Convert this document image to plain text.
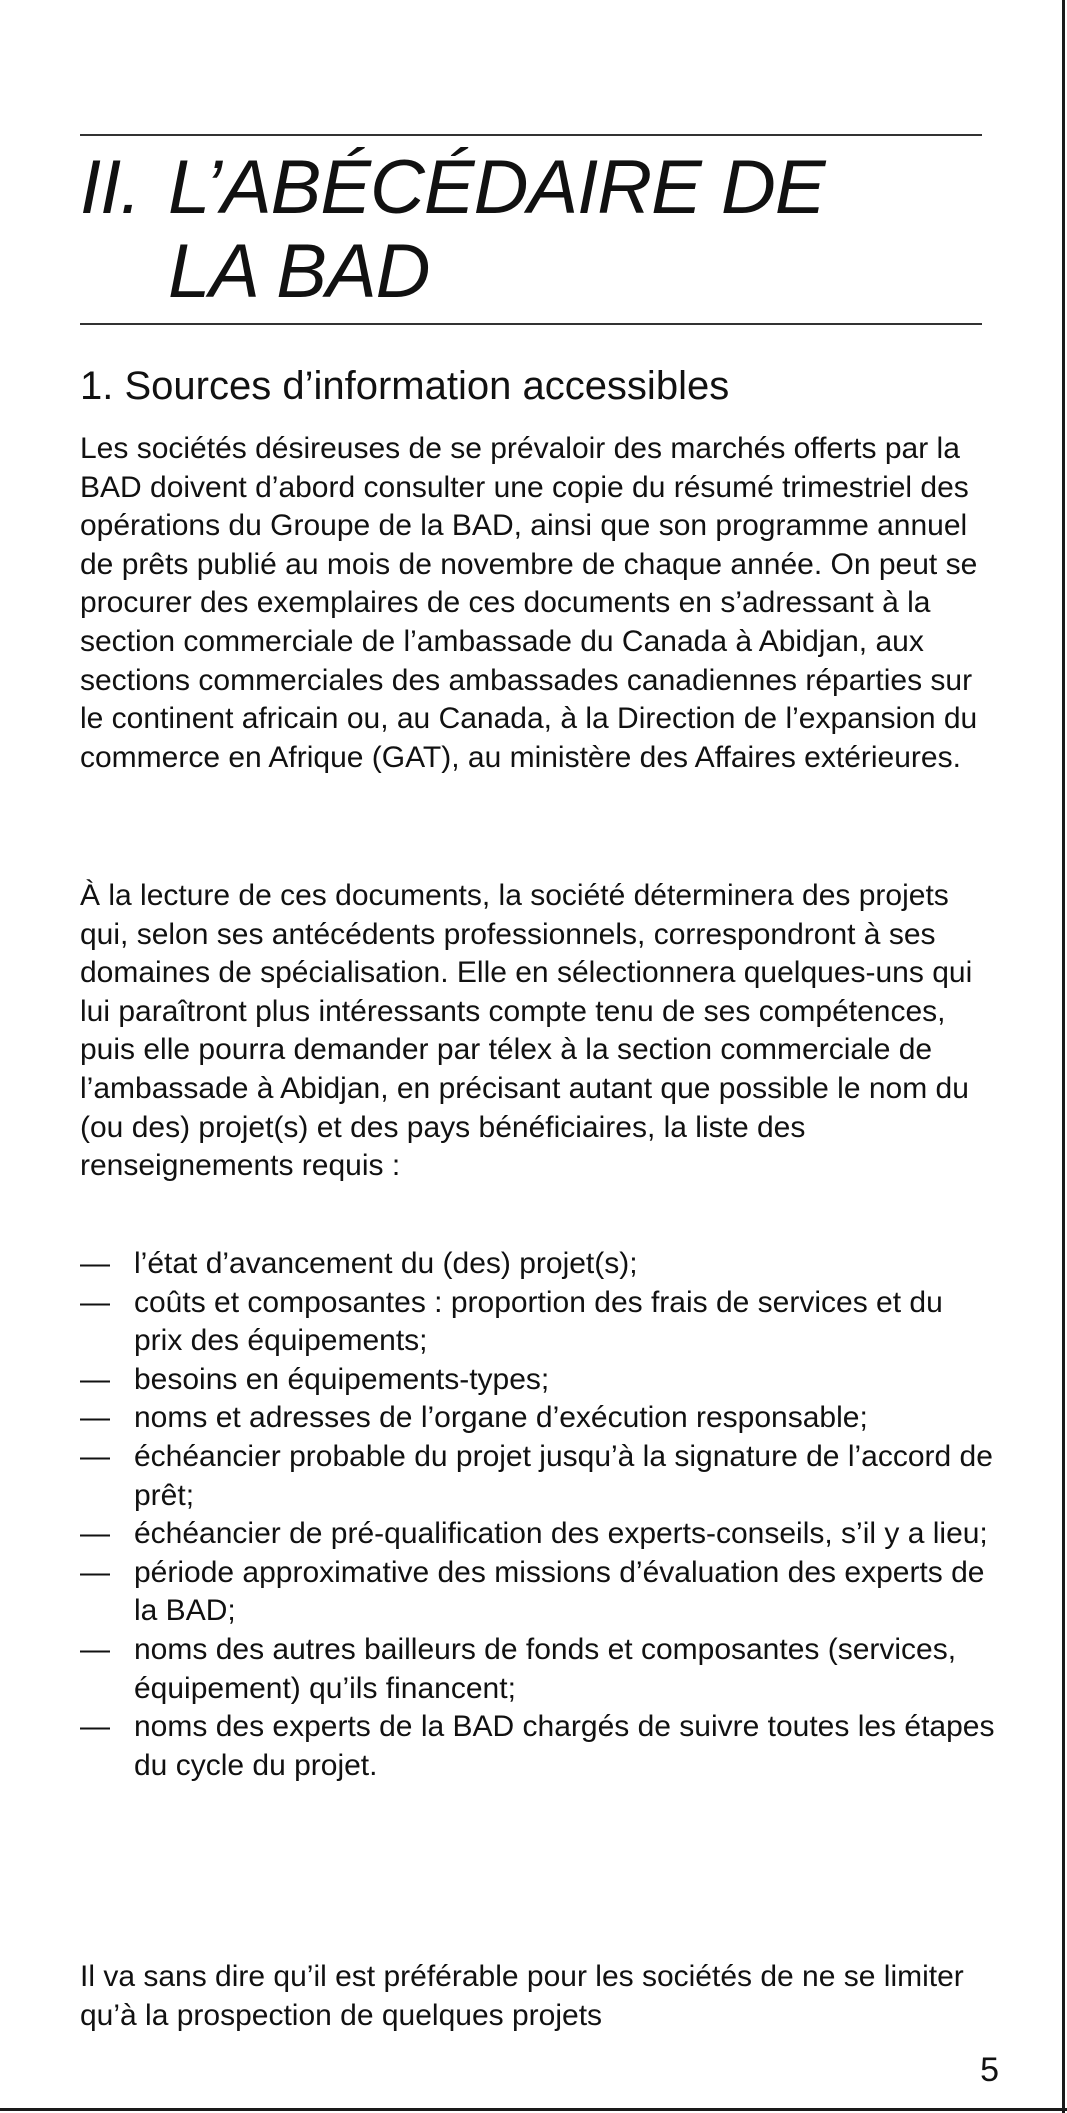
II. L’ABÉCÉDAIRE DE
LA BAD
1. Sources d’information accessibles

Les sociétés désireuses de se prévaloir des marchés offerts par la BAD doivent d’abord consulter une copie du résumé trimestriel des opérations du Groupe de la BAD, ainsi que son programme annuel de prêts publié au mois de novembre de chaque année. On peut se procurer des exemplaires de ces documents en s’adressant à la section commerciale de l’ambassade du Canada à Abidjan, aux sections commerciales des ambassades canadiennes réparties sur le continent africain ou, au Canada, à la Direction de l’expansion du commerce en Afrique (GAT), au ministère des Affaires extérieures.

À la lecture de ces documents, la société déterminera des projets qui, selon ses antécédents professionnels, correspondront à ses domaines de spécialisation. Elle en sélectionnera quelques-uns qui lui paraîtront plus intéressants compte tenu de ses compétences, puis elle pourra demander par télex à la section commerciale de l’ambassade à Abidjan, en précisant autant que possible le nom du (ou des) projet(s) et des pays bénéficiaires, la liste des renseignements requis :

— l’état d’avancement du (des) projet(s);
— coûts et composantes : proportion des frais de services et du prix des équipements;
— besoins en équipements-types;
— noms et adresses de l’organe d’exécution responsable;
— échéancier probable du projet jusqu’à la signature de l’accord de prêt;
— échéancier de pré-qualification des experts-conseils, s’il y a lieu;
— période approximative des missions d’évaluation des experts de la BAD;
— noms des autres bailleurs de fonds et composantes (services, équipement) qu’ils financent;
— noms des experts de la BAD chargés de suivre toutes les étapes du cycle du projet.

Il va sans dire qu’il est préférable pour les sociétés de ne se limiter qu’à la prospection de quelques projets

5
